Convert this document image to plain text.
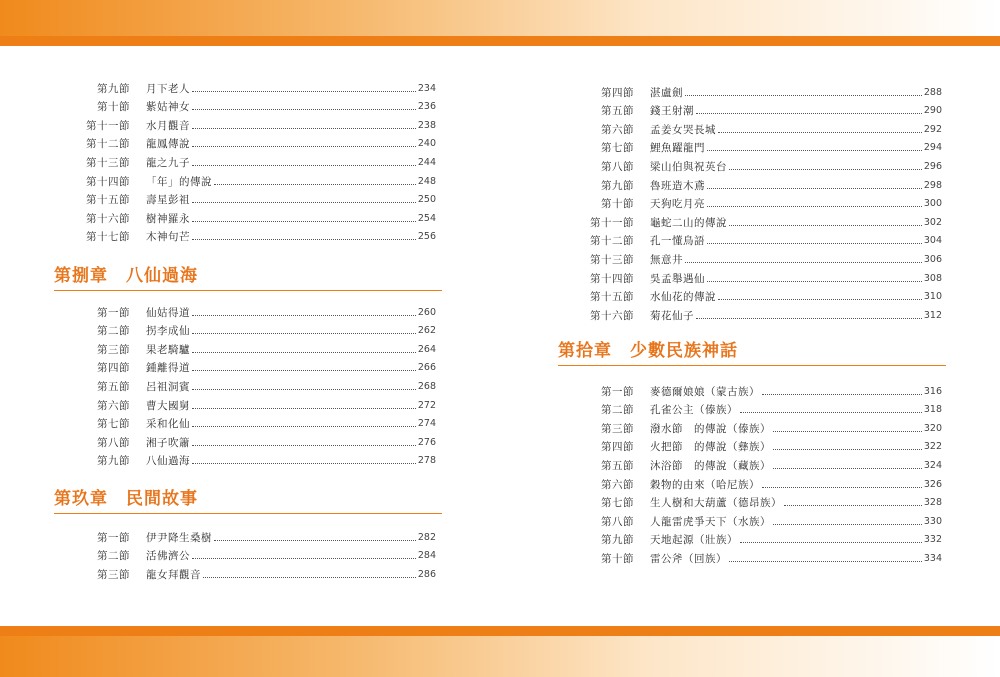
第捌章　八仙過海
第玖章　民間故事
第拾章　少數民族神話
第九節 月下老人	234
第十節 紫姑神女	236
第十一節 水月觀音	238
第十二節 龍鳳傳說	240
第十三節 龍之九子	244
第十四節 「年」的傳說	248
第十五節 壽星彭祖	250
第十六節 樹神羅永	254
第十七節 木神句芒	256
第一節 仙姑得道	260
第二節 拐李成仙	262
第三節 果老騎驢	264
第四節 鍾離得道	266
第五節 呂祖洞賓	268
第六節 曹大國舅	272
第七節 采和化仙	274
第八節 湘子吹簫	276
第九節 八仙過海	278
第一節 伊尹降生桑樹	282
第二節 活佛濟公	284
第三節 龍女拜觀音	286
第四節 湛盧劍	288
第五節 錢王射潮	290
第六節 孟姜女哭長城	292
第七節 鯉魚躍龍門	294
第八節 梁山伯與祝英台	296
第九節 魯班造木鳶	298
第十節 天狗吃月亮	300
第十一節 龜蛇二山的傳說	302
第十二節 孔一懂鳥語	304
第十三節 無意井	306
第十四節 吳孟舉遇仙	308
第十五節 水仙花的傳說	310
第十六節 菊花仙子	312
第一節 麥德爾娘娘（蒙古族）	316
第二節 孔雀公主（傣族）	318
第三節 潑水節　的傳說（傣族）	320
第四節 火把節　的傳說（彝族）	322
第五節 沐浴節　的傳說（藏族）	324
第六節 穀物的由來（哈尼族）	326
第七節 生人樹和大葫蘆（德昂族）	328
第八節 人龍雷虎爭天下（水族）	330
第九節 天地起源（壯族）	332
第十節 雷公斧（回族）	334
